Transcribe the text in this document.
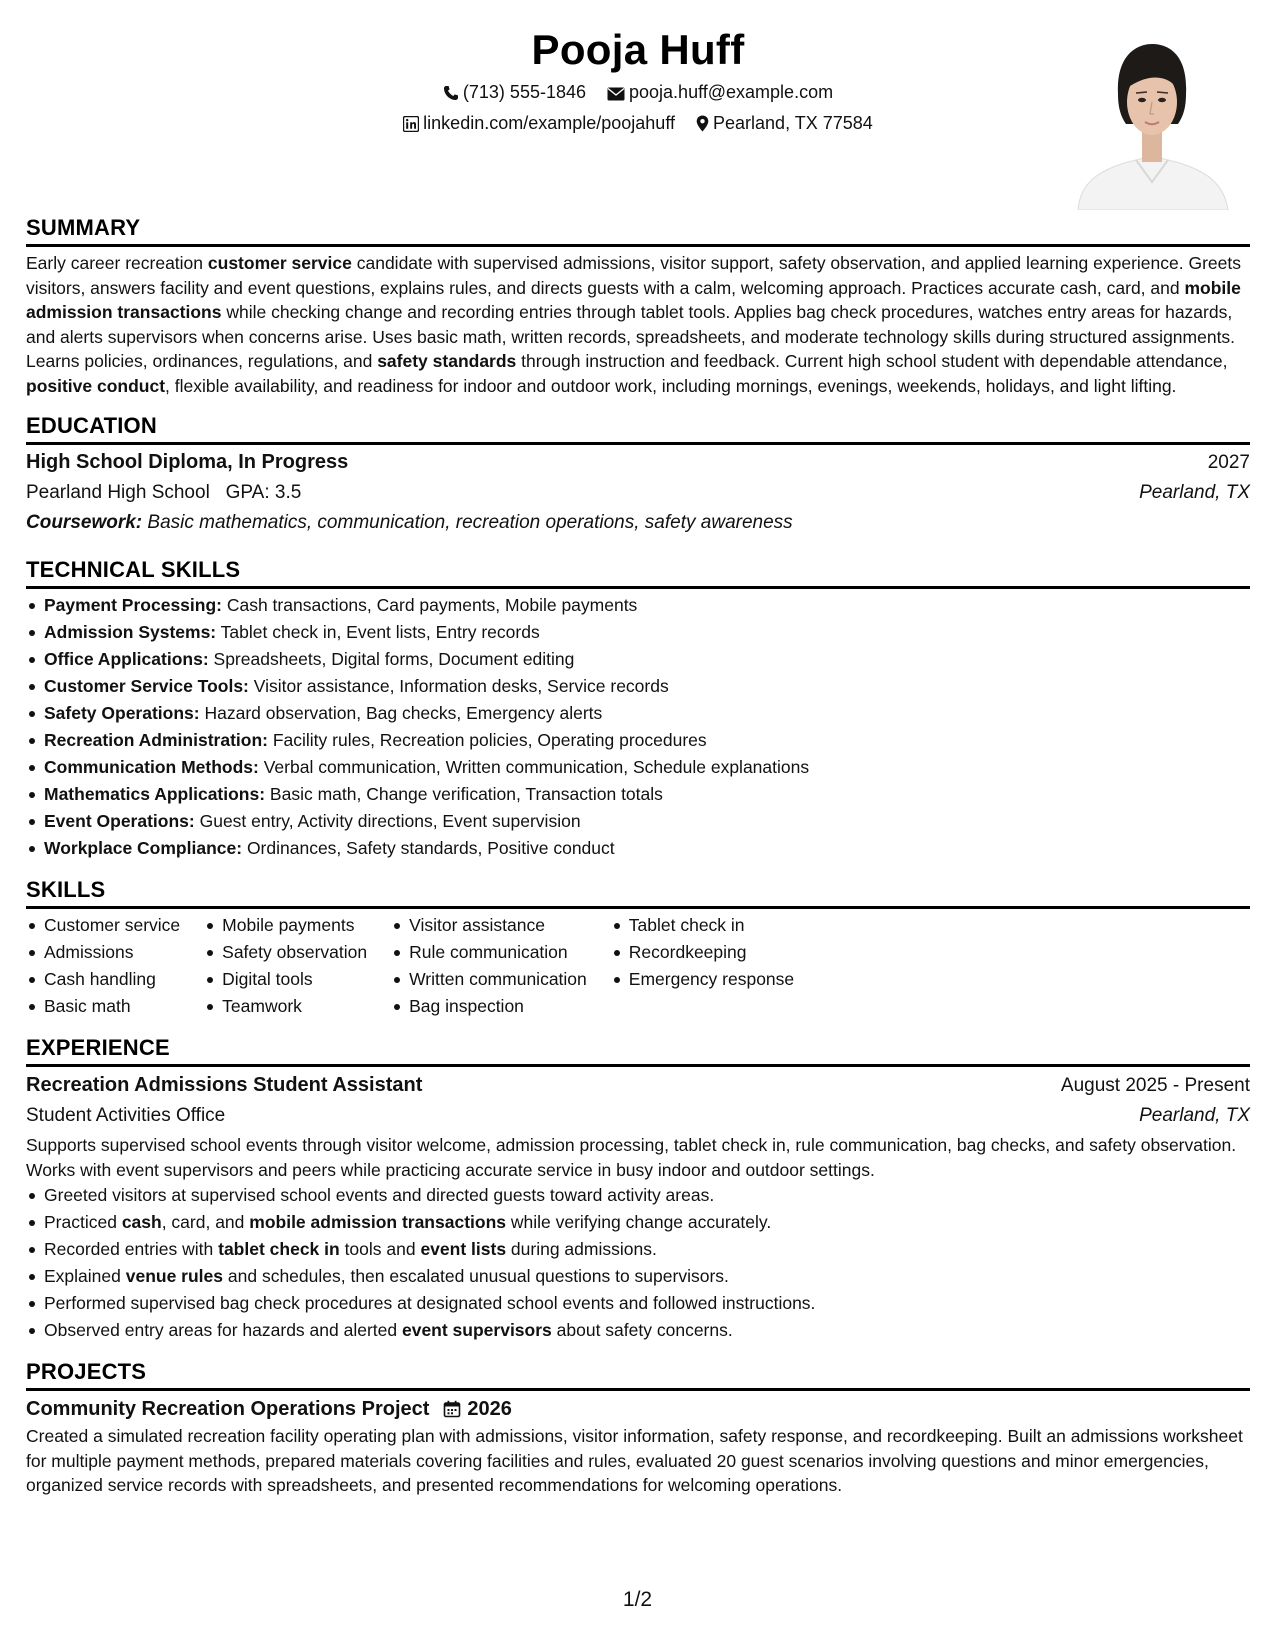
Pooja Huff
(713) 555-1846 pooja.huff@example.com
linkedin.com/example/poojahuff Pearland, TX 77584
SUMMARY

Early career recreation customer service candidate with supervised admissions, visitor support, safety observation, and applied learning experience. Greets visitors, answers facility and event questions, explains rules, and directs guests with a calm, welcoming approach. Practices accurate cash, card, and mobile admission transactions while checking change and recording entries through tablet tools. Applies bag check procedures, watches entry areas for hazards, and alerts supervisors when concerns arise. Uses basic math, written records, spreadsheets, and moderate technology skills during structured assignments. Learns policies, ordinances, regulations, and safety standards through instruction and feedback. Current high school student with dependable attendance, positive conduct, flexible availability, and readiness for indoor and outdoor work, including mornings, evenings, weekends, holidays, and light lifting.

EDUCATION
High School Diploma, In Progress	2027
Pearland High School GPA: 3.5	Pearland, TX
Coursework: Basic mathematics, communication, recreation operations, safety awareness
TECHNICAL SKILLS
Payment Processing: Cash transactions, Card payments, Mobile payments
Admission Systems: Tablet check in, Event lists, Entry records
Office Applications: Spreadsheets, Digital forms, Document editing
Customer Service Tools: Visitor assistance, Information desks, Service records
Safety Operations: Hazard observation, Bag checks, Emergency alerts
Recreation Administration: Facility rules, Recreation policies, Operating procedures
Communication Methods: Verbal communication, Written communication, Schedule explanations
Mathematics Applications: Basic math, Change verification, Transaction totals
Event Operations: Guest entry, Activity directions, Event supervision
Workplace Compliance: Ordinances, Safety standards, Positive conduct
SKILLS
Customer service
Admissions
Cash handling
Basic math
Mobile payments
Safety observation
Digital tools
Teamwork
Visitor assistance
Rule communication
Written communication
Bag inspection
Tablet check in
Recordkeeping
Emergency response
EXPERIENCE
Recreation Admissions Student Assistant	August 2025 - Present
Student Activities Office	Pearland, TX

Supports supervised school events through visitor welcome, admission processing, tablet check in, rule communication, bag checks, and safety observation. Works with event supervisors and peers while practicing accurate service in busy indoor and outdoor settings.

Greeted visitors at supervised school events and directed guests toward activity areas.
Practiced cash, card, and mobile admission transactions while verifying change accurately.
Recorded entries with tablet check in tools and event lists during admissions.
Explained venue rules and schedules, then escalated unusual questions to supervisors.
Performed supervised bag check procedures at designated school events and followed instructions.
Observed entry areas for hazards and alerted event supervisors about safety concerns.
PROJECTS
Community Recreation Operations Project 2026

Created a simulated recreation facility operating plan with admissions, visitor information, safety response, and recordkeeping. Built an admissions worksheet for multiple payment methods, prepared materials covering facilities and rules, evaluated 20 guest scenarios involving questions and minor emergencies, organized service records with spreadsheets, and presented recommendations for welcoming operations.

1/2
